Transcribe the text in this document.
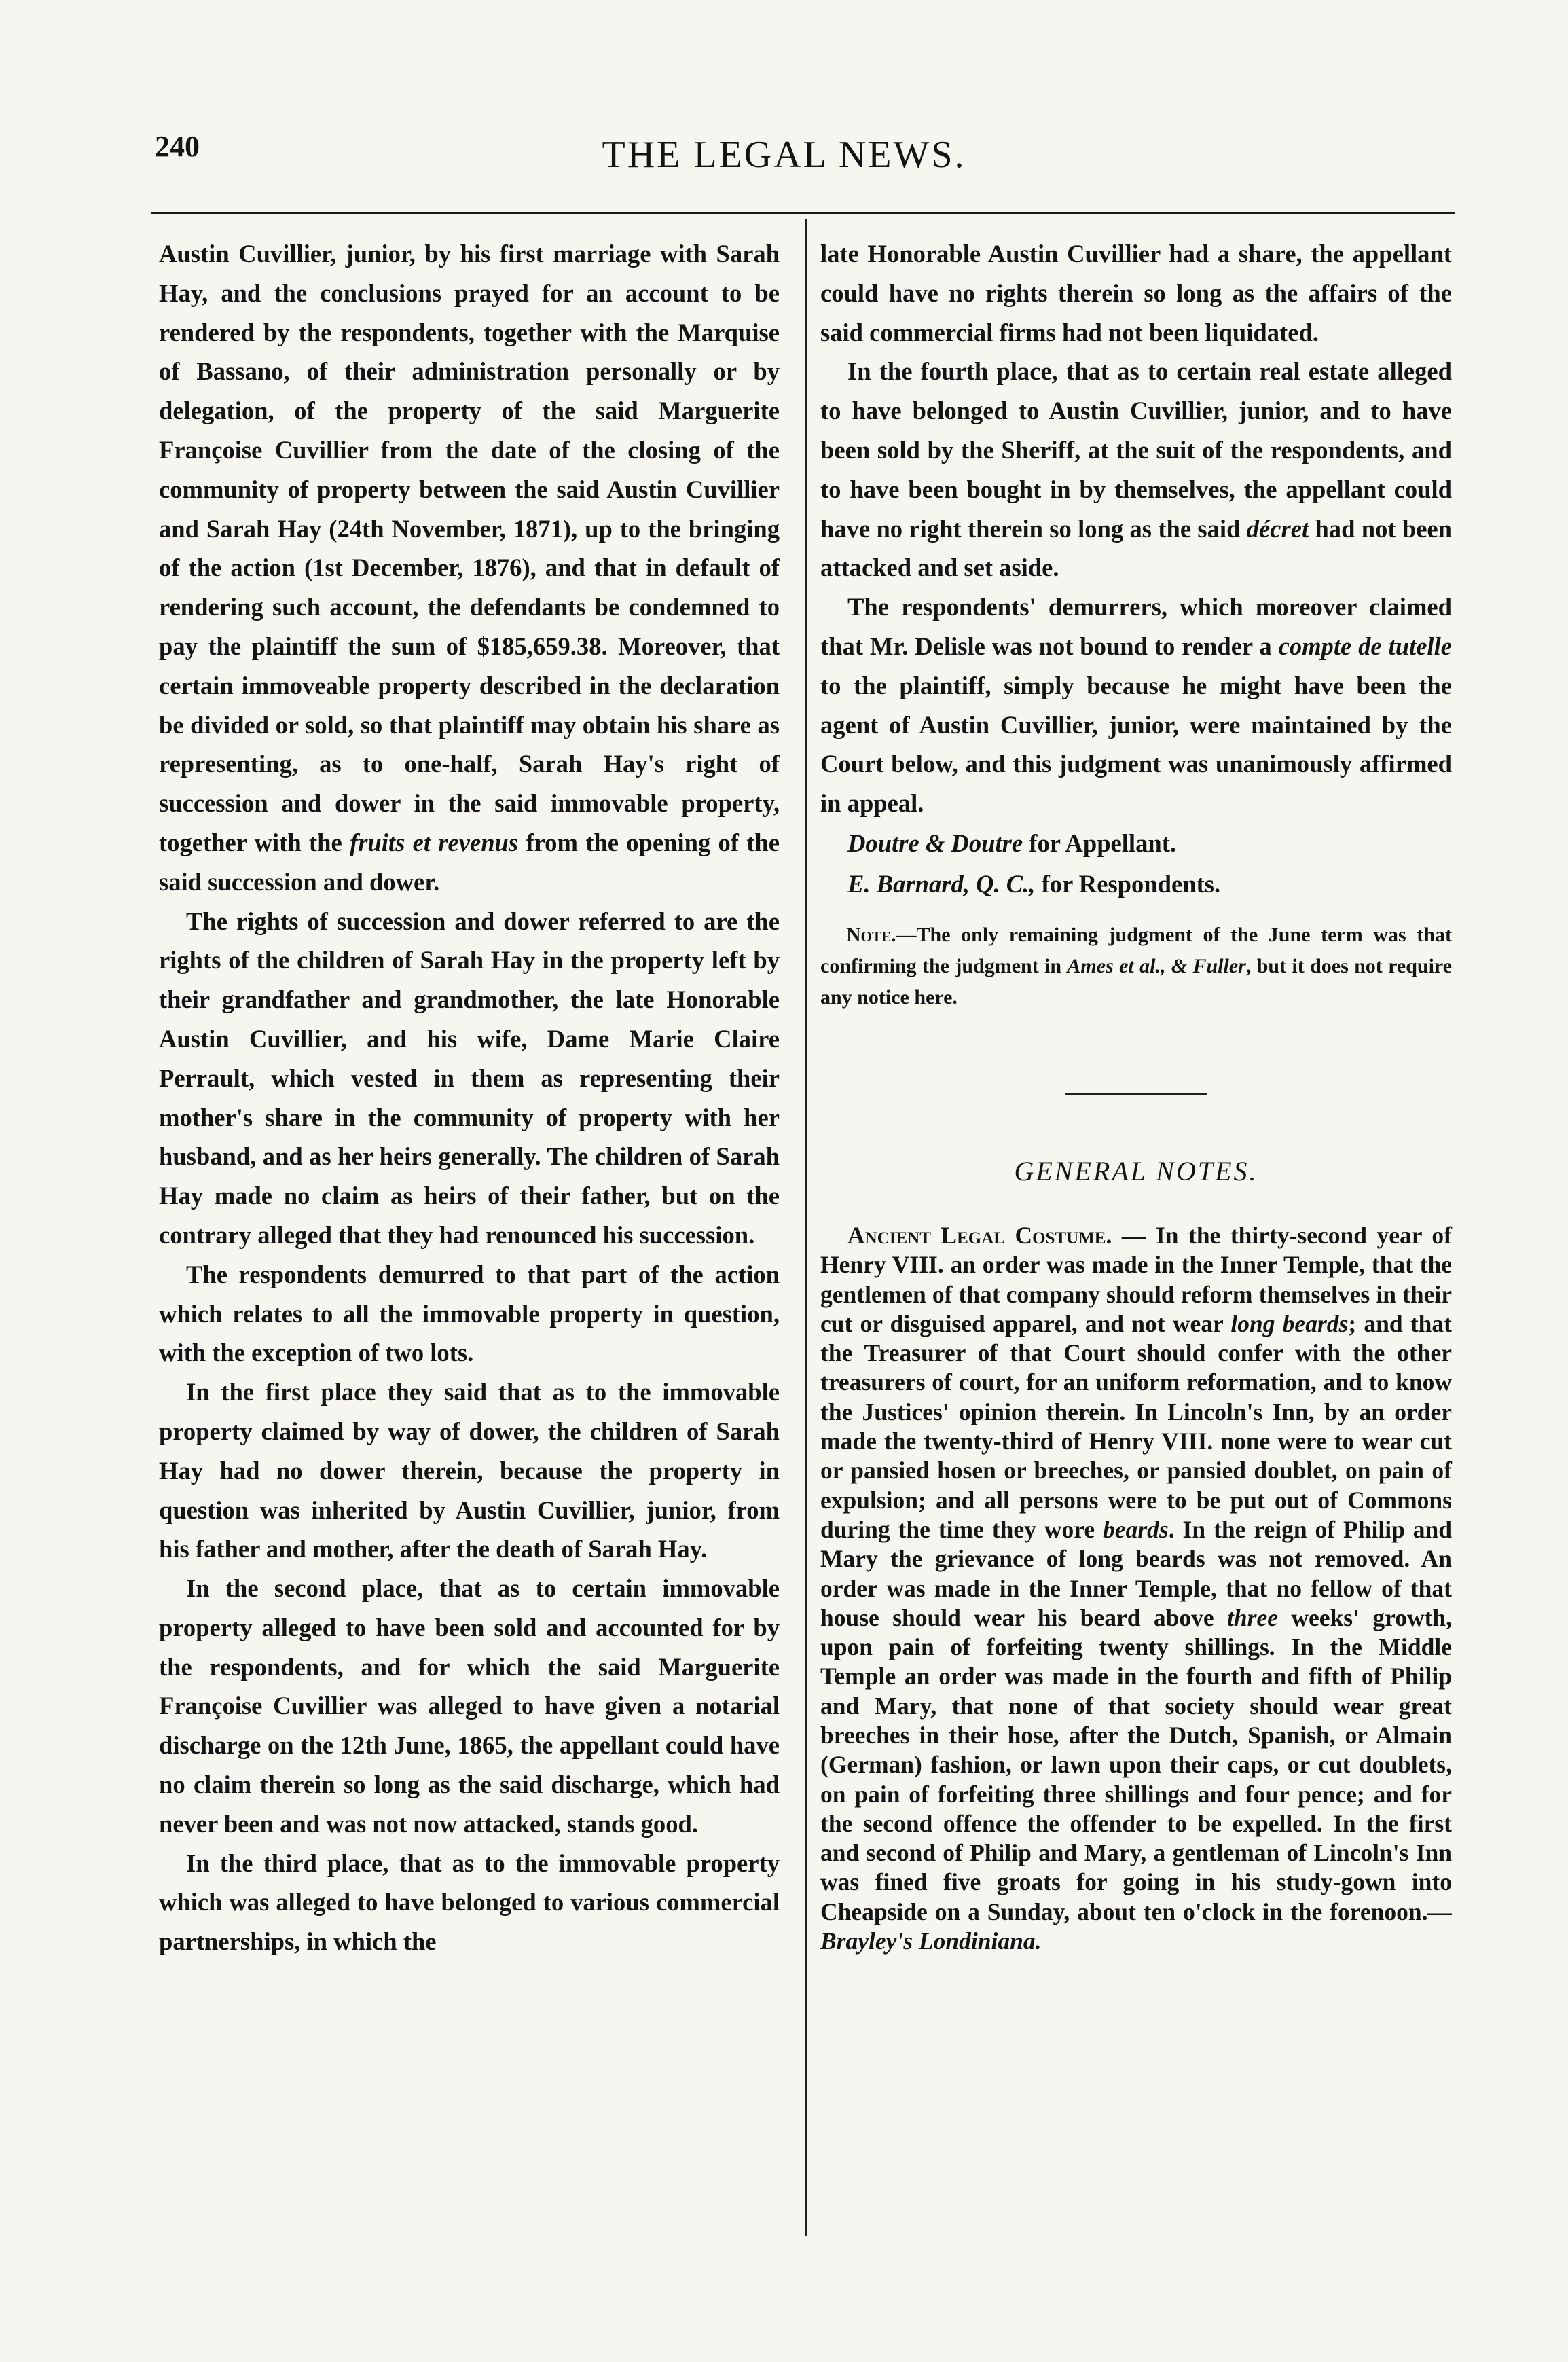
240	THE LEGAL NEWS.

Austin Cuvillier, junior, by his first marriage with Sarah Hay, and the conclusions prayed for an account to be rendered by the respondents, together with the Marquise of Bassano, of their administration personally or by delegation, of the property of the said Marguerite Françoise Cuvillier from the date of the closing of the community of property between the said Austin Cuvillier and Sarah Hay (24th November, 1871), up to the bringing of the action (1st December, 1876), and that in default of rendering such account, the defendants be condemned to pay the plaintiff the sum of $185,659.38. Moreover, that certain immoveable property described in the declaration be divided or sold, so that plaintiff may obtain his share as representing, as to one-half, Sarah Hay's right of succession and dower in the said immovable property, together with the fruits et revenus from the opening of the said succession and dower.

The rights of succession and dower referred to are the rights of the children of Sarah Hay in the property left by their grandfather and grandmother, the late Honorable Austin Cuvillier, and his wife, Dame Marie Claire Perrault, which vested in them as representing their mother's share in the community of property with her husband, and as her heirs generally. The children of Sarah Hay made no claim as heirs of their father, but on the contrary alleged that they had renounced his succession.

The respondents demurred to that part of the action which relates to all the immovable property in question, with the exception of two lots.

In the first place they said that as to the immovable property claimed by way of dower, the children of Sarah Hay had no dower therein, because the property in question was inherited by Austin Cuvillier, junior, from his father and mother, after the death of Sarah Hay.

In the second place, that as to certain immovable property alleged to have been sold and accounted for by the respondents, and for which the said Marguerite Françoise Cuvillier was alleged to have given a notarial discharge on the 12th June, 1865, the appellant could have no claim therein so long as the said discharge, which had never been and was not now attacked, stands good.

In the third place, that as to the immovable property which was alleged to have belonged to various commercial partnerships, in which the

late Honorable Austin Cuvillier had a share, the appellant could have no rights therein so long as the affairs of the said commercial firms had not been liquidated.

In the fourth place, that as to certain real estate alleged to have belonged to Austin Cuvillier, junior, and to have been sold by the Sheriff, at the suit of the respondents, and to have been bought in by themselves, the appellant could have no right therein so long as the said décret had not been attacked and set aside.

The respondents' demurrers, which moreover claimed that Mr. Delisle was not bound to render a compte de tutelle to the plaintiff, simply because he might have been the agent of Austin Cuvillier, junior, were maintained by the Court below, and this judgment was unanimously affirmed in appeal.

Doutre & Doutre for Appellant.

E. Barnard, Q. C., for Respondents.

Note.—The only remaining judgment of the June term was that confirming the judgment in Ames et al., & Fuller, but it does not require any notice here.

GENERAL NOTES.

Ancient Legal Costume. — In the thirty-second year of Henry VIII. an order was made in the Inner Temple, that the gentlemen of that company should reform themselves in their cut or disguised apparel, and not wear long beards; and that the Treasurer of that Court should confer with the other treasurers of court, for an uniform reformation, and to know the Justices' opinion therein. In Lincoln's Inn, by an order made the twenty-third of Henry VIII. none were to wear cut or pansied hosen or breeches, or pansied doublet, on pain of expulsion; and all persons were to be put out of Commons during the time they wore beards. In the reign of Philip and Mary the grievance of long beards was not removed. An order was made in the Inner Temple, that no fellow of that house should wear his beard above three weeks' growth, upon pain of forfeiting twenty shillings. In the Middle Temple an order was made in the fourth and fifth of Philip and Mary, that none of that society should wear great breeches in their hose, after the Dutch, Spanish, or Almain (German) fashion, or lawn upon their caps, or cut doublets, on pain of forfeiting three shillings and four pence; and for the second offence the offender to be expelled. In the first and second of Philip and Mary, a gentleman of Lincoln's Inn was fined five groats for going in his study-gown into Cheapside on a Sunday, about ten o'clock in the forenoon.—Brayley's Londiniana.
